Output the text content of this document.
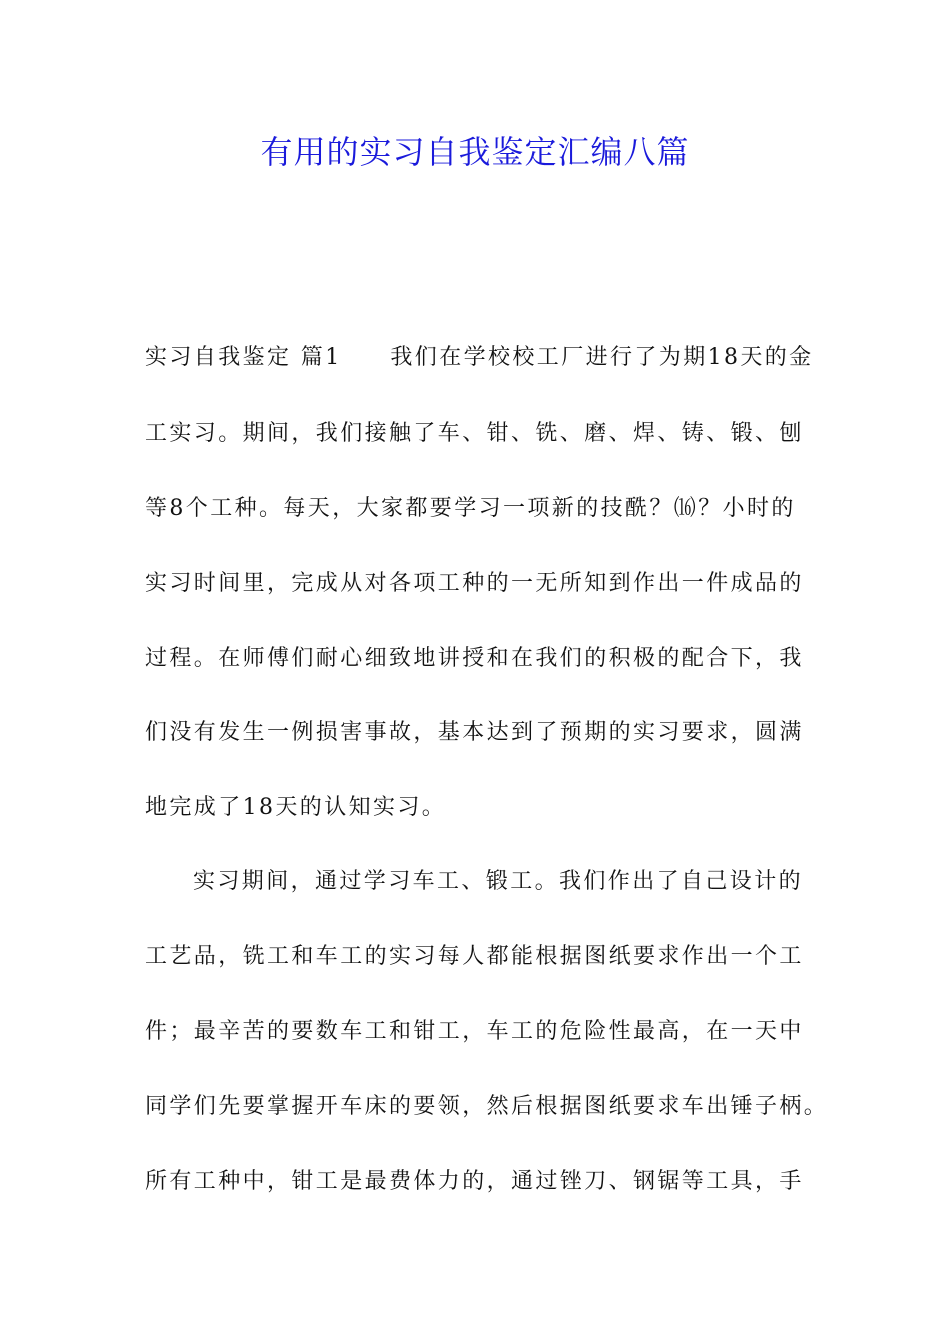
有用的实习自我鉴定汇编八篇

实习自我鉴定 篇1　　我们在学校校工厂进行了为期18天的金

工实习。期间，我们接触了车、钳、铣、磨、焊、铸、锻、刨

等8个工种。每天，大家都要学习一项新的技酰？⒃？小时的

实习时间里，完成从对各项工种的一无所知到作出一件成品的

过程。在师傅们耐心细致地讲授和在我们的积极的配合下，我

们没有发生一例损害事故，基本达到了预期的实习要求，圆满

地完成了18天的认知实习。

实习期间，通过学习车工、锻工。我们作出了自己设计的

工艺品，铣工和车工的实习每人都能根据图纸要求作出一个工

件；最辛苦的要数车工和钳工，车工的危险性最高，在一天中

同学们先要掌握开车床的要领，然后根据图纸要求车出锤子柄。

所有工种中，钳工是最费体力的，通过锉刀、钢锯等工具，手
